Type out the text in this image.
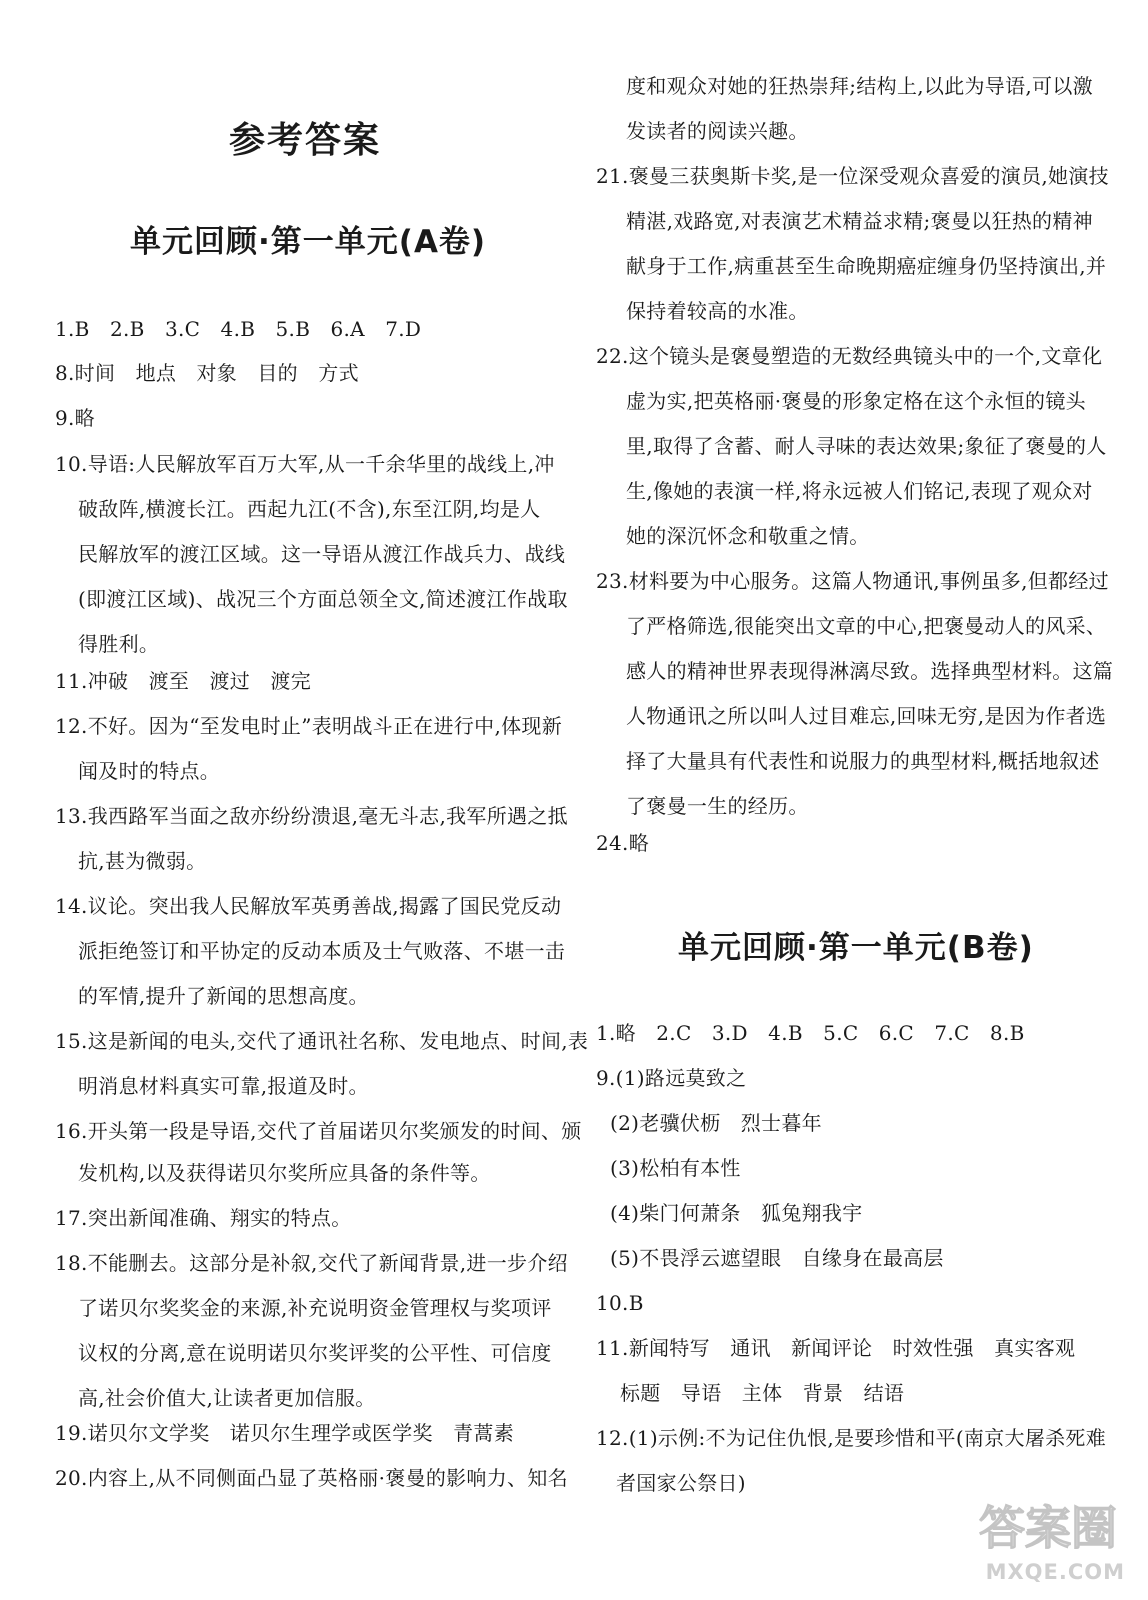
参考答案
单元回顾·第一单元(A卷)
1.B　2.B　3.C　4.B　5.B　6.A　7.D
8.时间　地点　对象　目的　方式
9.略
10.导语:人民解放军百万大军,从一千余华里的战线上,冲
破敌阵,横渡长江。西起九江(不含),东至江阴,均是人
民解放军的渡江区域。这一导语从渡江作战兵力、战线
(即渡江区域)、战况三个方面总领全文,简述渡江作战取
得胜利。
11.冲破　渡至　渡过　渡完
12.不好。因为“至发电时止”表明战斗正在进行中,体现新
闻及时的特点。
13.我西路军当面之敌亦纷纷溃退,毫无斗志,我军所遇之抵
抗,甚为微弱。
14.议论。突出我人民解放军英勇善战,揭露了国民党反动
派拒绝签订和平协定的反动本质及士气败落、不堪一击
的军情,提升了新闻的思想高度。
15.这是新闻的电头,交代了通讯社名称、发电地点、时间,表
明消息材料真实可靠,报道及时。
16.开头第一段是导语,交代了首届诺贝尔奖颁发的时间、颁
发机构,以及获得诺贝尔奖所应具备的条件等。
17.突出新闻准确、翔实的特点。
18.不能删去。这部分是补叙,交代了新闻背景,进一步介绍
了诺贝尔奖奖金的来源,补充说明资金管理权与奖项评
议权的分离,意在说明诺贝尔奖评奖的公平性、可信度
高,社会价值大,让读者更加信服。
19.诺贝尔文学奖　诺贝尔生理学或医学奖　青蒿素
20.内容上,从不同侧面凸显了英格丽·褒曼的影响力、知名
度和观众对她的狂热崇拜;结构上,以此为导语,可以激
发读者的阅读兴趣。
21.褒曼三获奥斯卡奖,是一位深受观众喜爱的演员,她演技
精湛,戏路宽,对表演艺术精益求精;褒曼以狂热的精神
献身于工作,病重甚至生命晚期癌症缠身仍坚持演出,并
保持着较高的水准。
22.这个镜头是褒曼塑造的无数经典镜头中的一个,文章化
虚为实,把英格丽·褒曼的形象定格在这个永恒的镜头
里,取得了含蓄、耐人寻味的表达效果;象征了褒曼的人
生,像她的表演一样,将永远被人们铭记,表现了观众对
她的深沉怀念和敬重之情。
23.材料要为中心服务。这篇人物通讯,事例虽多,但都经过
了严格筛选,很能突出文章的中心,把褒曼动人的风采、
感人的精神世界表现得淋漓尽致。选择典型材料。这篇
人物通讯之所以叫人过目难忘,回味无穷,是因为作者选
择了大量具有代表性和说服力的典型材料,概括地叙述
了褒曼一生的经历。
24.略
单元回顾·第一单元(B卷)
1.略　2.C　3.D　4.B　5.C　6.C　7.C　8.B
9.(1)路远莫致之
(2)老骥伏枥　烈士暮年
(3)松柏有本性
(4)柴门何萧条　狐兔翔我宇
(5)不畏浮云遮望眼　自缘身在最高层
10.B
11.新闻特写　通讯　新闻评论　时效性强　真实客观
标题　导语　主体　背景　结语
12.(1)示例:不为记住仇恨,是要珍惜和平(南京大屠杀死难
者国家公祭日)
答案圈
MXQE.COM
